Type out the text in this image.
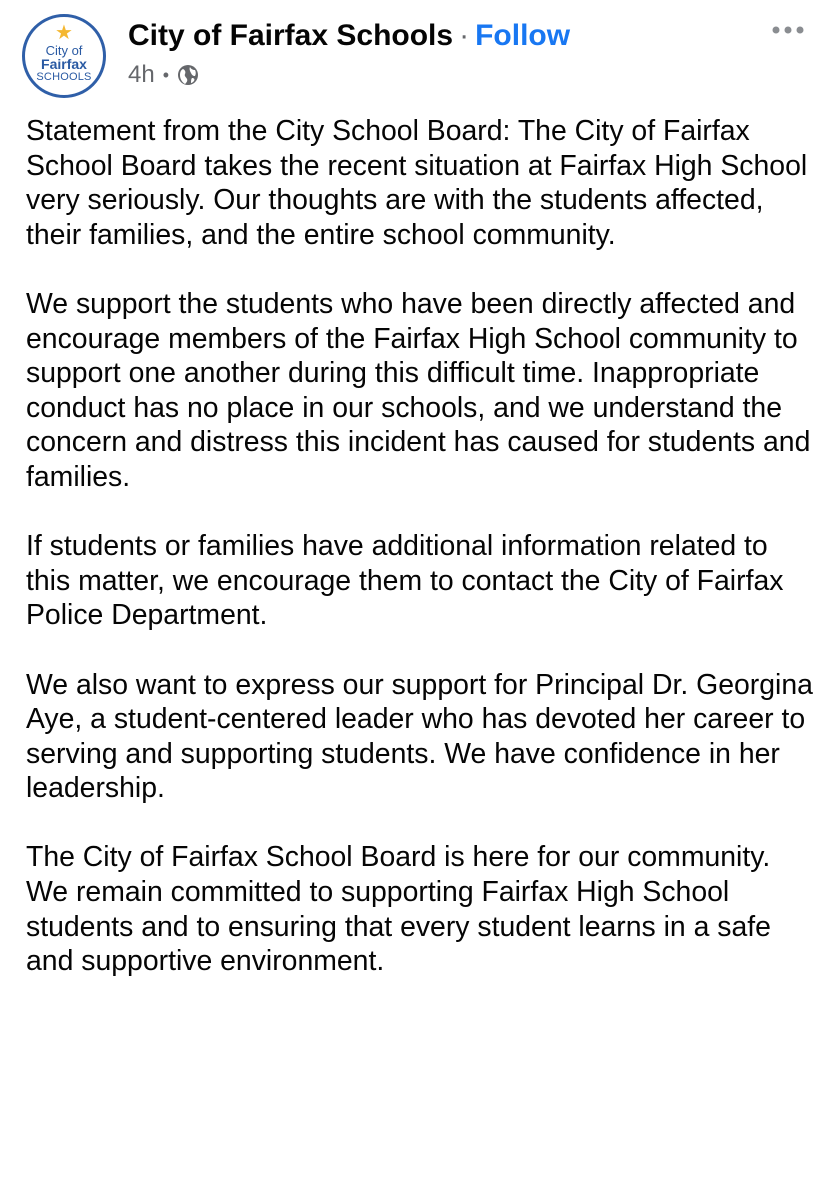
★
City of
Fairfax
SCHOOLS
City of Fairfax Schools · Follow
4h •

Statement from the City School Board: The City of Fairfax School Board takes the recent situation at Fairfax High School very seriously. Our thoughts are with the students affected, their families, and the entire school community.

We support the students who have been directly affected and encourage members of the Fairfax High School community to support one another during this difficult time. Inappropriate conduct has no place in our schools, and we understand the concern and distress this incident has caused for students and families.

If students or families have additional information related to this matter, we encourage them to contact the City of Fairfax Police Department.

We also want to express our support for Principal Dr. Georgina Aye, a student-centered leader who has devoted her career to serving and supporting students. We have confidence in her leadership.

The City of Fairfax School Board is here for our community. We remain committed to supporting Fairfax High School students and to ensuring that every student learns in a safe and supportive environment.
